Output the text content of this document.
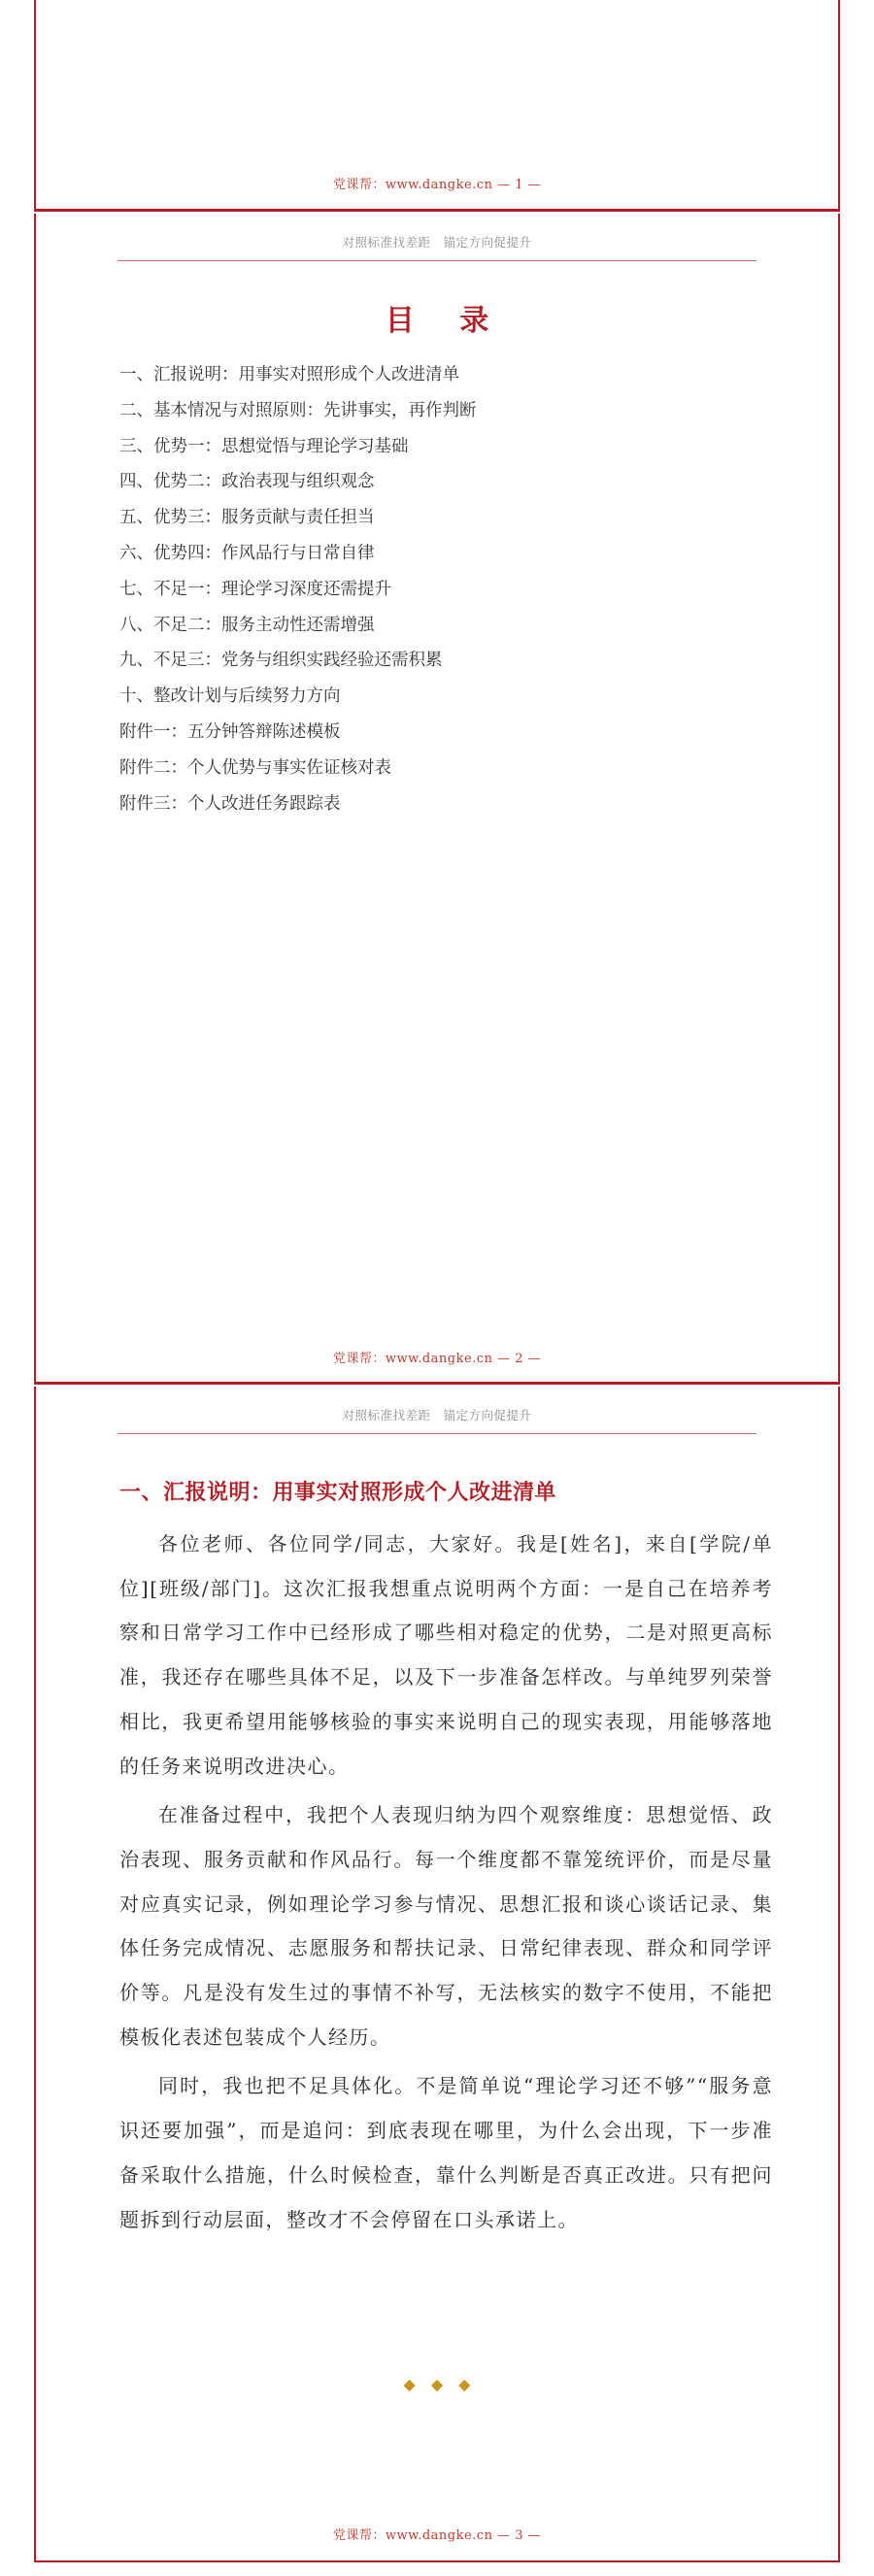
党课帮：www.dangke.cn — 1 —
对照标准找差距　锚定方向促提升
目 录
一、汇报说明：用事实对照形成个人改进清单
二、基本情况与对照原则：先讲事实，再作判断
三、优势一：思想觉悟与理论学习基础
四、优势二：政治表现与组织观念
五、优势三：服务贡献与责任担当
六、优势四：作风品行与日常自律
七、不足一：理论学习深度还需提升
八、不足二：服务主动性还需增强
九、不足三：党务与组织实践经验还需积累
十、整改计划与后续努力方向
附件一：五分钟答辩陈述模板
附件二：个人优势与事实佐证核对表
附件三：个人改进任务跟踪表
党课帮：www.dangke.cn — 2 —
对照标准找差距　锚定方向促提升
一、汇报说明：用事实对照形成个人改进清单

各位老师、各位同学/同志，大家好。我是[姓名]，来自[学院/单位][班级/部门]。这次汇报我想重点说明两个方面：一是自己在培养考察和日常学习工作中已经形成了哪些相对稳定的优势，二是对照更高标准，我还存在哪些具体不足，以及下一步准备怎样改。与单纯罗列荣誉相比，我更希望用能够核验的事实来说明自己的现实表现，用能够落地的任务来说明改进决心。

在准备过程中，我把个人表现归纳为四个观察维度：思想觉悟、政治表现、服务贡献和作风品行。每一个维度都不靠笼统评价，而是尽量对应真实记录，例如理论学习参与情况、思想汇报和谈心谈话记录、集体任务完成情况、志愿服务和帮扶记录、日常纪律表现、群众和同学评价等。凡是没有发生过的事情不补写，无法核实的数字不使用，不能把模板化表述包装成个人经历。

同时，我也把不足具体化。不是简单说“理论学习还不够”“服务意识还要加强”，而是追问：到底表现在哪里，为什么会出现，下一步准备采取什么措施，什么时候检查，靠什么判断是否真正改进。只有把问题拆到行动层面，整改才不会停留在口头承诺上。

◆◆◆
党课帮：www.dangke.cn — 3 —
